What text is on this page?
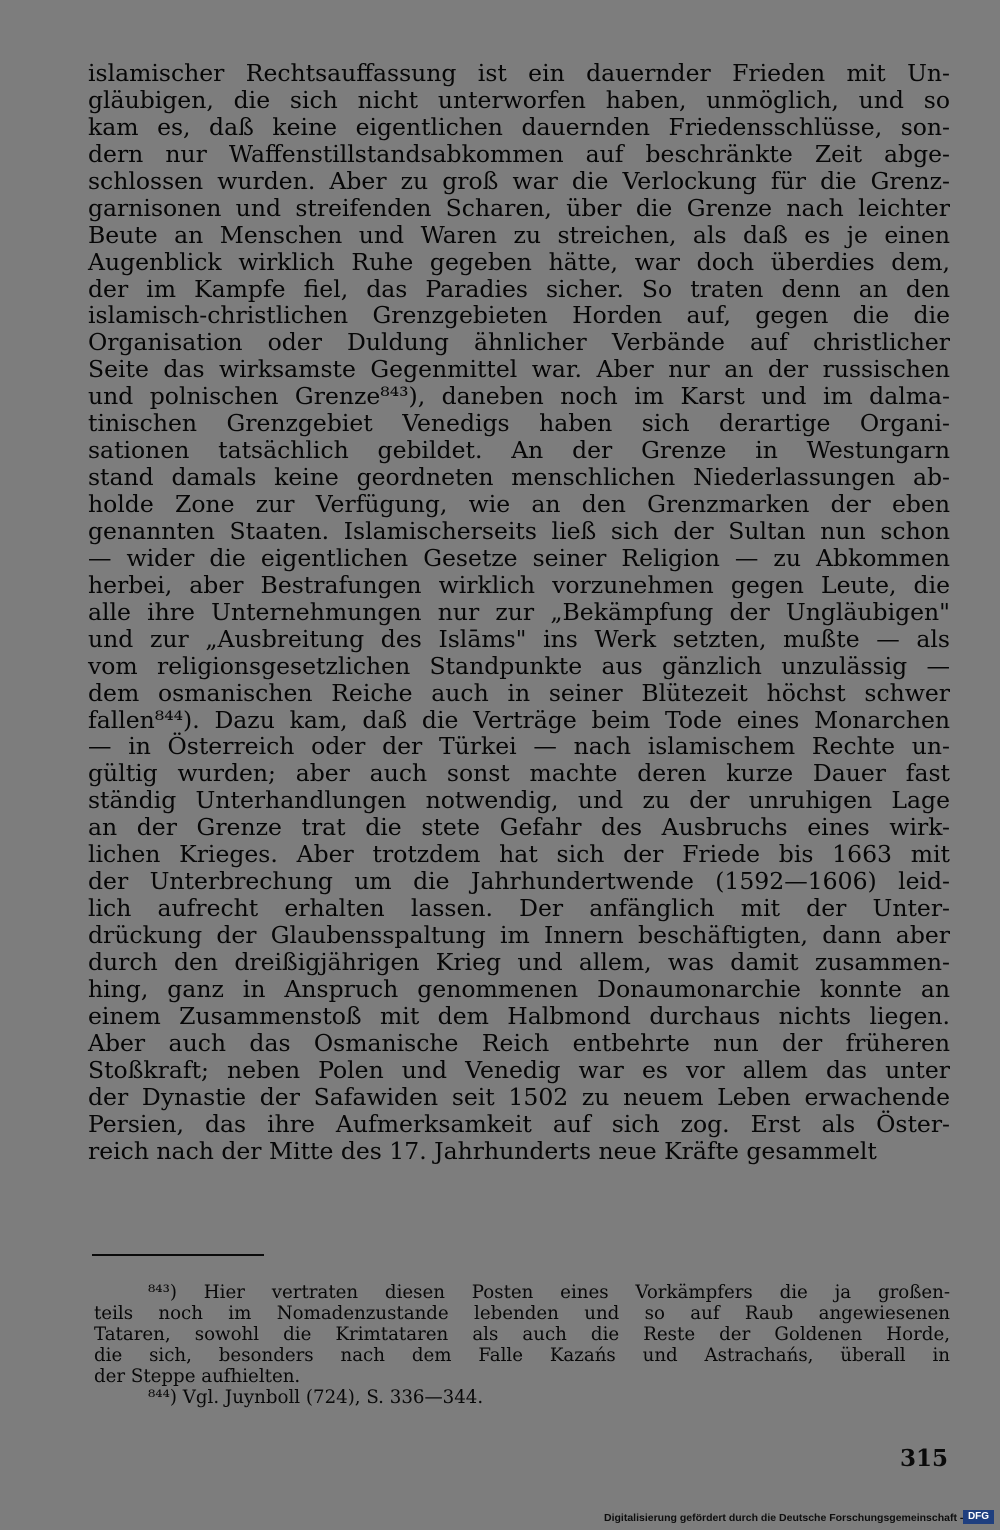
islamischer Rechtsauffassung ist ein dauernder Frieden mit Un-
gläubigen, die sich nicht unterworfen haben, unmöglich, und so
kam es, daß keine eigentlichen dauernden Friedensschlüsse, son-
dern nur Waffenstillstandsabkommen auf beschränkte Zeit abge-
schlossen wurden. Aber zu groß war die Verlockung für die Grenz-
garnisonen und streifenden Scharen, über die Grenze nach leichter
Beute an Menschen und Waren zu streichen, als daß es je einen
Augenblick wirklich Ruhe gegeben hätte, war doch überdies dem,
der im Kampfe fiel, das Paradies sicher. So traten denn an den
islamisch-christlichen Grenzgebieten Horden auf, gegen die die
Organisation oder Duldung ähnlicher Verbände auf christlicher
Seite das wirksamste Gegenmittel war. Aber nur an der russischen
und polnischen Grenze⁸⁴³), daneben noch im Karst und im dalma-
tinischen Grenzgebiet Venedigs haben sich derartige Organi-
sationen tatsächlich gebildet. An der Grenze in Westungarn
stand damals keine geordneten menschlichen Niederlassungen ab-
holde Zone zur Verfügung, wie an den Grenzmarken der eben
genannten Staaten. Islamischerseits ließ sich der Sultan nun schon
— wider die eigentlichen Gesetze seiner Religion — zu Abkommen
herbei, aber Bestrafungen wirklich vorzunehmen gegen Leute, die
alle ihre Unternehmungen nur zur „Bekämpfung der Ungläubigen"
und zur „Ausbreitung des Islāms" ins Werk setzten, mußte — als
vom religionsgesetzlichen Standpunkte aus gänzlich unzulässig —
dem osmanischen Reiche auch in seiner Blütezeit höchst schwer
fallen⁸⁴⁴). Dazu kam, daß die Verträge beim Tode eines Monarchen
— in Österreich oder der Türkei — nach islamischem Rechte un-
gültig wurden; aber auch sonst machte deren kurze Dauer fast
ständig Unterhandlungen notwendig, und zu der unruhigen Lage
an der Grenze trat die stete Gefahr des Ausbruchs eines wirk-
lichen Krieges. Aber trotzdem hat sich der Friede bis 1663 mit
der Unterbrechung um die Jahrhundertwende (1592—1606) leid-
lich aufrecht erhalten lassen. Der anfänglich mit der Unter-
drückung der Glaubensspaltung im Innern beschäftigten, dann aber
durch den dreißigjährigen Krieg und allem, was damit zusammen-
hing, ganz in Anspruch genommenen Donaumonarchie konnte an
einem Zusammenstoß mit dem Halbmond durchaus nichts liegen.
Aber auch das Osmanische Reich entbehrte nun der früheren
Stoßkraft; neben Polen und Venedig war es vor allem das unter
der Dynastie der Safawiden seit 1502 zu neuem Leben erwachende
Persien, das ihre Aufmerksamkeit auf sich zog. Erst als Öster-
reich nach der Mitte des 17. Jahrhunderts neue Kräfte gesammelt
⁸⁴³) Hier vertraten diesen Posten eines Vorkämpfers die ja großen-
teils noch im Nomadenzustande lebenden und so auf Raub angewiesenen
Tataren, sowohl die Krimtataren als auch die Reste der Goldenen Horde,
die sich, besonders nach dem Falle Kazańs und Astrachańs, überall in
der Steppe aufhielten.
⁸⁴⁴) Vgl. Juynboll (724), S. 336—344.
315
Digitalisierung gefördert durch die Deutsche Forschungsgemeinschaft - DFG
